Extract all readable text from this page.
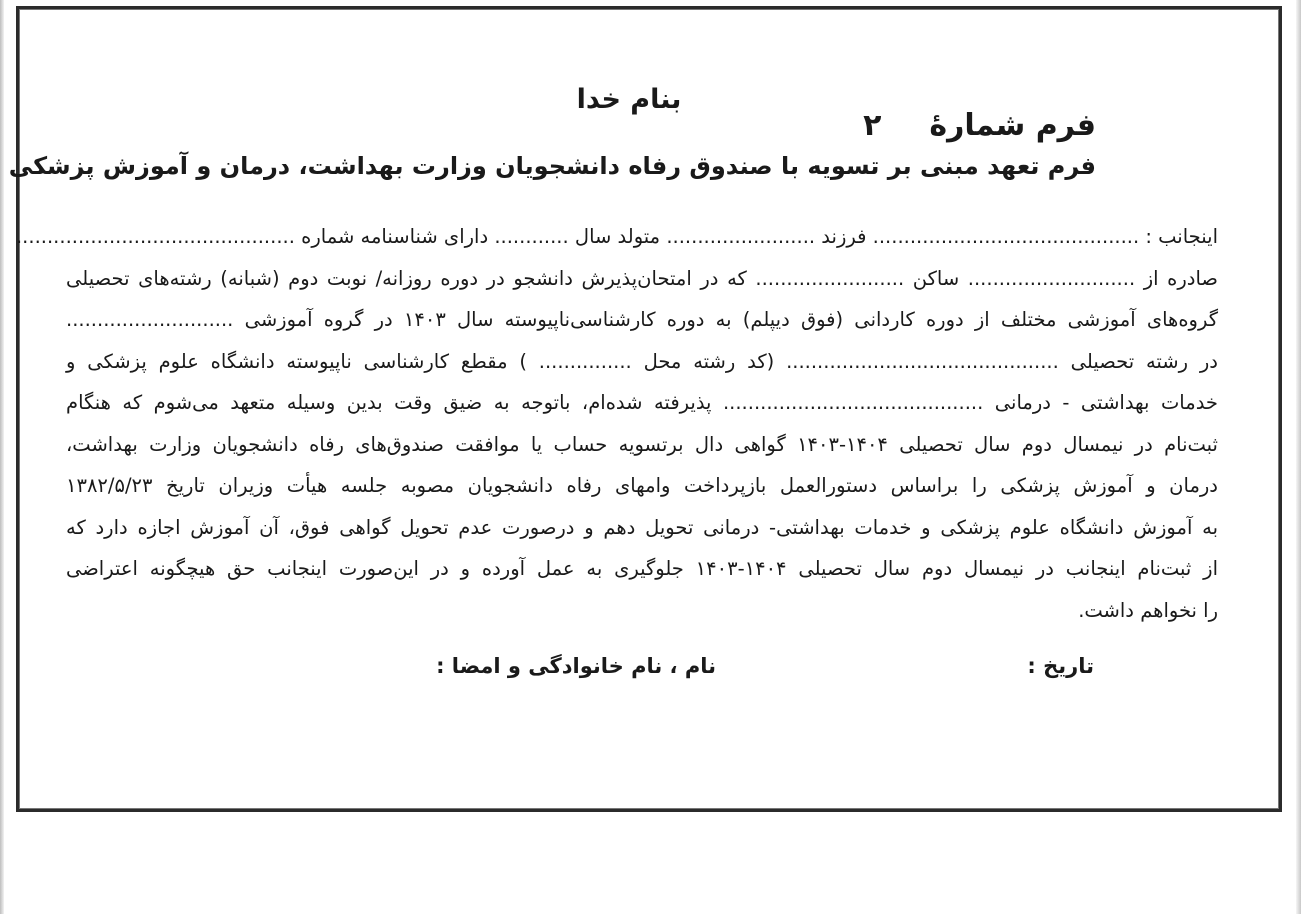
بنام خدا
فرم شمارهٔ۲
فرم تعهد مبنی بر تسویه با صندوق رفاه دانشجویان وزارت بهداشت، درمان و آموزش پزشکی
اینجانب : ........................................... فرزند ........................ متولد سال ............ دارای شناسنامه شماره .............................................
صادره از ........................... ساکن ........................ که در امتحان‌پذیرش دانشجو در دوره روزانه/ نوبت دوم (شبانه) رشته‌های تحصیلی
گروه‌های آموزشی مختلف از دوره کاردانی (فوق دیپلم) به دوره کارشناسی‌ناپیوسته سال ۱۴۰۳ در گروه آموزشی ...........................
در رشته تحصیلی ............................................ (کد رشته محل ............... ) مقطع کارشناسی ناپیوسته دانشگاه علوم پزشکی و
خدمات بهداشتی - درمانی .......................................... پذیرفته شده‌ام، باتوجه به ضیق وقت بدین وسیله متعهد می‌شوم که هنگام
ثبت‌نام در نیمسال دوم سال تحصیلی ۱۴۰۴-۱۴۰۳ گواهی دال برتسویه حساب یا موافقت صندوق‌های رفاه دانشجویان وزارت بهداشت،
درمان و آموزش پزشکی را براساس دستورالعمل بازپرداخت وامهای رفاه دانشجویان مصوبه جلسه هیأت وزیران تاریخ ۱۳۸۲/۵/۲۳
به آموزش دانشگاه علوم پزشکی و خدمات بهداشتی- درمانی تحویل دهم و درصورت عدم تحویل گواهی فوق، آن آموزش اجازه دارد که
از ثبت‌نام اینجانب در نیمسال دوم سال تحصیلی ۱۴۰۴-۱۴۰۳ جلوگیری به عمل آورده و در این‌صورت اینجانب حق هیچگونه اعتراضی
را نخواهم داشت.
تاریخ :
نام ، نام خانوادگی و امضا :
